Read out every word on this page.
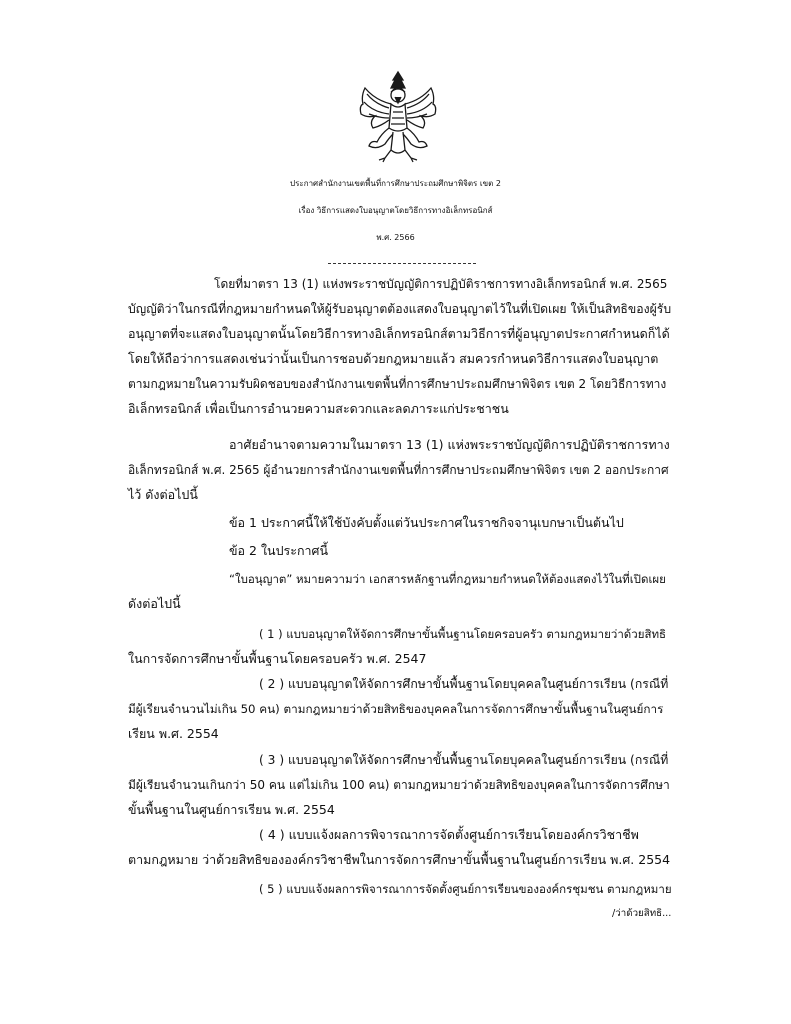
ประกาศสำนักงานเขตพื้นที่การศึกษาประถมศึกษาพิจิตร เขต 2
เรื่อง วิธีการแสดงใบอนุญาตโดยวิธีการทางอิเล็กทรอนิกส์
พ.ศ. 2566
โดยที่มาตรา 13 (1) แห่งพระราชบัญญัติการปฏิบัติราชการทางอิเล็กทรอนิกส์ พ.ศ. 2565
บัญญัติว่าในกรณีที่กฎหมายกำหนดให้ผู้รับอนุญาตต้องแสดงใบอนุญาตไว้ในที่เปิดเผย ให้เป็นสิทธิของผู้รับ
อนุญาตที่จะแสดงใบอนุญาตนั้นโดยวิธีการทางอิเล็กทรอนิกส์ตามวิธีการที่ผู้อนุญาตประกาศกำหนดก็ได้
โดยให้ถือว่าการแสดงเช่นว่านั้นเป็นการชอบด้วยกฎหมายแล้ว สมควรกำหนดวิธีการแสดงใบอนุญาต
ตามกฎหมายในความรับผิดชอบของสำนักงานเขตพื้นที่การศึกษาประถมศึกษาพิจิตร เขต 2 โดยวิธีการทาง
อิเล็กทรอนิกส์ เพื่อเป็นการอำนวยความสะดวกและลดภาระแก่ประชาชน
อาศัยอำนาจตามความในมาตรา 13 (1) แห่งพระราชบัญญัติการปฏิบัติราชการทาง
อิเล็กทรอนิกส์ พ.ศ. 2565 ผู้อำนวยการสำนักงานเขตพื้นที่การศึกษาประถมศึกษาพิจิตร เขต 2 ออกประกาศ
ไว้ ดังต่อไปนี้
ข้อ 1 ประกาศนี้ให้ใช้บังคับตั้งแต่วันประกาศในราชกิจจานุเบกษาเป็นต้นไป
ข้อ 2 ในประกาศนี้
“ใบอนุญาต” หมายความว่า เอกสารหลักฐานที่กฎหมายกำหนดให้ต้องแสดงไว้ในที่เปิดเผย
ดังต่อไปนี้
( 1 ) แบบอนุญาตให้จัดการศึกษาขั้นพื้นฐานโดยครอบครัว ตามกฎหมายว่าด้วยสิทธิ
ในการจัดการศึกษาขั้นพื้นฐานโดยครอบครัว พ.ศ. 2547
( 2 ) แบบอนุญาตให้จัดการศึกษาขั้นพื้นฐานโดยบุคคลในศูนย์การเรียน (กรณีที่
มีผู้เรียนจำนวนไม่เกิน 50 คน) ตามกฎหมายว่าด้วยสิทธิของบุคคลในการจัดการศึกษาขั้นพื้นฐานในศูนย์การ
เรียน พ.ศ. 2554
( 3 ) แบบอนุญาตให้จัดการศึกษาขั้นพื้นฐานโดยบุคคลในศูนย์การเรียน (กรณีที่
มีผู้เรียนจำนวนเกินกว่า 50 คน แต่ไม่เกิน 100 คน) ตามกฎหมายว่าด้วยสิทธิของบุคคลในการจัดการศึกษา
ขั้นพื้นฐานในศูนย์การเรียน พ.ศ. 2554
( 4 ) แบบแจ้งผลการพิจารณาการจัดตั้งศูนย์การเรียนโดยองค์กรวิชาชีพ
ตามกฎหมาย ว่าด้วยสิทธิขององค์กรวิชาชีพในการจัดการศึกษาขั้นพื้นฐานในศูนย์การเรียน พ.ศ. 2554
( 5 ) แบบแจ้งผลการพิจารณาการจัดตั้งศูนย์การเรียนขององค์กรชุมชน ตามกฎหมาย
/ว่าด้วยสิทธิ...
